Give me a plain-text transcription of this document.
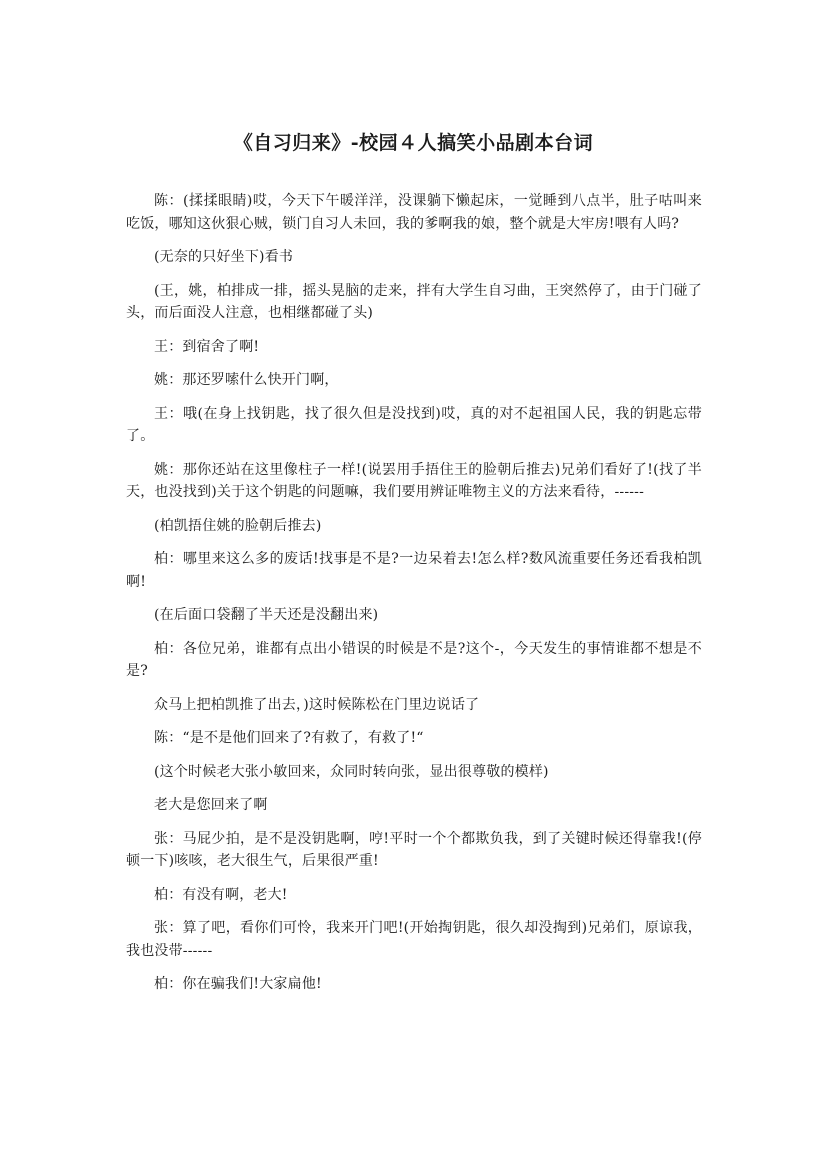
《自习归来》-校园４人搞笑小品剧本台词

陈：(揉揉眼睛)哎，今天下午暖洋洋，没课躺下懒起床，一觉睡到八点半，肚子咕叫来吃饭，哪知这伙狠心贼，锁门自习人未回，我的爹啊我的娘，整个就是大牢房!喂有人吗?

(无奈的只好坐下)看书

(王，姚，柏排成一排，摇头晃脑的走来，拌有大学生自习曲，王突然停了，由于门碰了头，而后面没人注意，也相继都碰了头)

王：到宿舍了啊!

姚：那还罗嗦什么快开门啊，

王：哦(在身上找钥匙，找了很久但是没找到)哎，真的对不起祖国人民，我的钥匙忘带了。

姚：那你还站在这里像柱子一样!(说罢用手捂住王的脸朝后推去)兄弟们看好了!(找了半天，也没找到)关于这个钥匙的问题嘛，我们要用辨证唯物主义的方法来看待，------

(柏凯捂住姚的脸朝后推去)

柏：哪里来这么多的废话!找事是不是?一边呆着去!怎么样?数风流重要任务还看我柏凯啊!

(在后面口袋翻了半天还是没翻出来)

柏：各位兄弟，谁都有点出小错误的时候是不是?这个-，今天发生的事情谁都不想是不是?

众马上把柏凯推了出去，)这时候陈松在门里边说话了

陈：“是不是他们回来了?有救了，有救了!“

(这个时候老大张小敏回来，众同时转向张，显出很尊敬的模样)

老大是您回来了啊

张：马屁少拍，是不是没钥匙啊，哼!平时一个个都欺负我，到了关键时候还得靠我!(停顿一下)咳咳，老大很生气，后果很严重!

柏：有没有啊，老大!

张：算了吧，看你们可怜，我来开门吧!(开始掏钥匙，很久却没掏到)兄弟们，原谅我，我也没带------

柏：你在骗我们!大家扁他!
